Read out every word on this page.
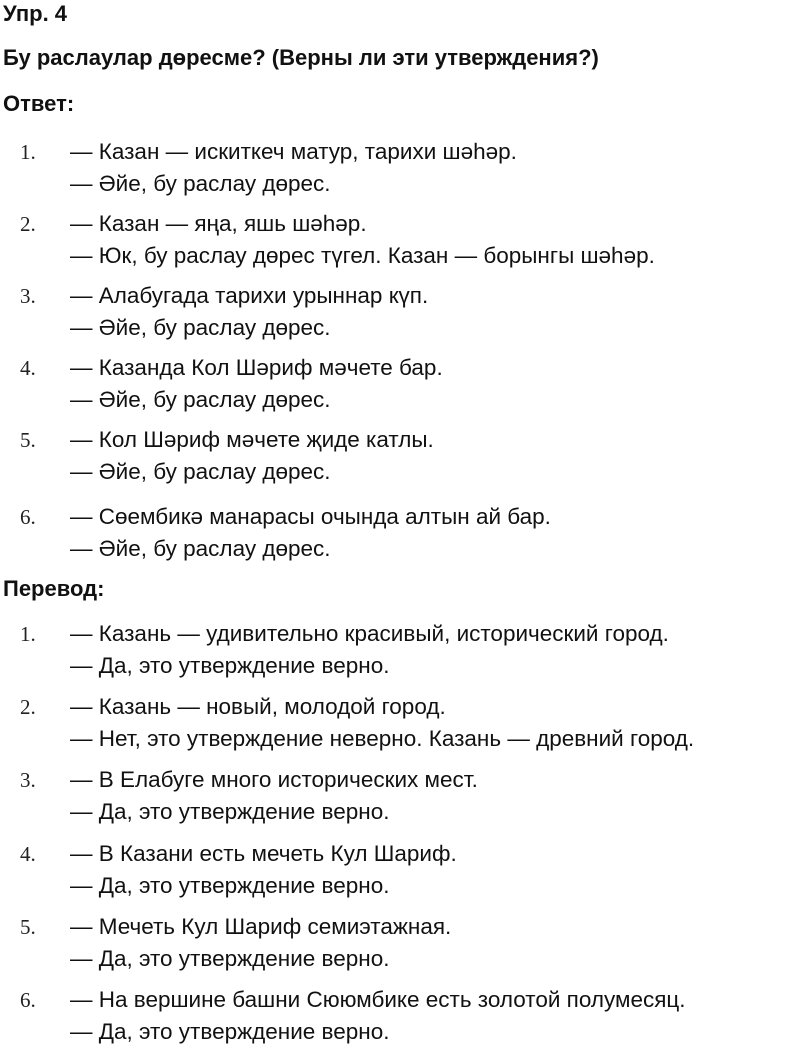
Упр. 4
Бу раслаулар дөресме? (Верны ли эти утверждения?)
Ответ:
1.	— Казан — искиткеч матур, тарихи шәһәр.
— Әйе, бу раслау дөрес.
2.	— Казан — яңа, яшь шәһәр.
— Юк, бу раслау дөрес түгел. Казан — борынгы шәһәр.
3.	— Алабугада тарихи урыннар күп.
— Әйе, бу раслау дөрес.
4.	— Казанда Кол Шәриф мәчете бар.
— Әйе, бу раслау дөрес.
5.	— Кол Шәриф мәчете җиде катлы.
— Әйе, бу раслау дөрес.
6.	— Сөембикә манарасы очында алтын ай бар.
— Әйе, бу раслау дөрес.
Перевод:
1.	— Казань — удивительно красивый, исторический город.
— Да, это утверждение верно.
2.	— Казань — новый, молодой город.
— Нет, это утверждение неверно. Казань — древний город.
3.	— В Елабуге много исторических мест.
— Да, это утверждение верно.
4.	— В Казани есть мечеть Кул Шариф.
— Да, это утверждение верно.
5.	— Мечеть Кул Шариф семиэтажная.
— Да, это утверждение верно.
6.	— На вершине башни Сююмбике есть золотой полумесяц.
— Да, это утверждение верно.
